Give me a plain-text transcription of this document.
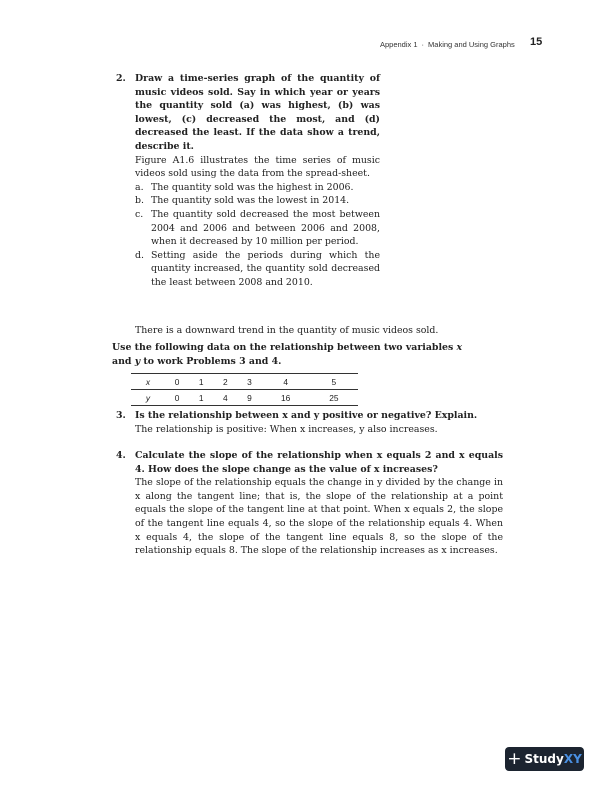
Appendix 1 · Making and Using Graphs 15
2. Draw a time-series graph of the quantity of music videos sold. Say in which year or years the quantity sold (a) was highest, (b) was lowest, (c) decreased the most, and (d) decreased the least. If the data show a trend, describe it.
Figure A1.6 illustrates the time series of music videos sold using the data from the spread-sheet.
a. The quantity sold was the highest in 2006.
b. The quantity sold was the lowest in 2014.
c. The quantity sold decreased the most between 2004 and 2006 and between 2006 and 2008, when it decreased by 10 million per period.
d. Setting aside the periods during which the quantity increased, the quantity sold decreased the least between 2008 and 2010.
There is a downward trend in the quantity of music videos sold.
Use the following data on the relationship between two variables x and y to work Problems 3 and 4.
x	0	1	2	3	4	5
y	0	1	4	9	16	25
3. Is the relationship between x and y positive or negative? Explain.
The relationship is positive: When x increases, y also increases.
4. Calculate the slope of the relationship when x equals 2 and x equals 4. How does the slope change as the value of x increases?
The slope of the relationship equals the change in y divided by the change in x along the tangent line; that is, the slope of the relationship at a point equals the slope of the tangent line at that point. When x equals 2, the slope of the tangent line equals 4, so the slope of the relationship equals 4. When x equals 4, the slope of the tangent line equals 8, so the slope of the relationship equals 8. The slope of the relationship increases as x increases.
+ Study XY
